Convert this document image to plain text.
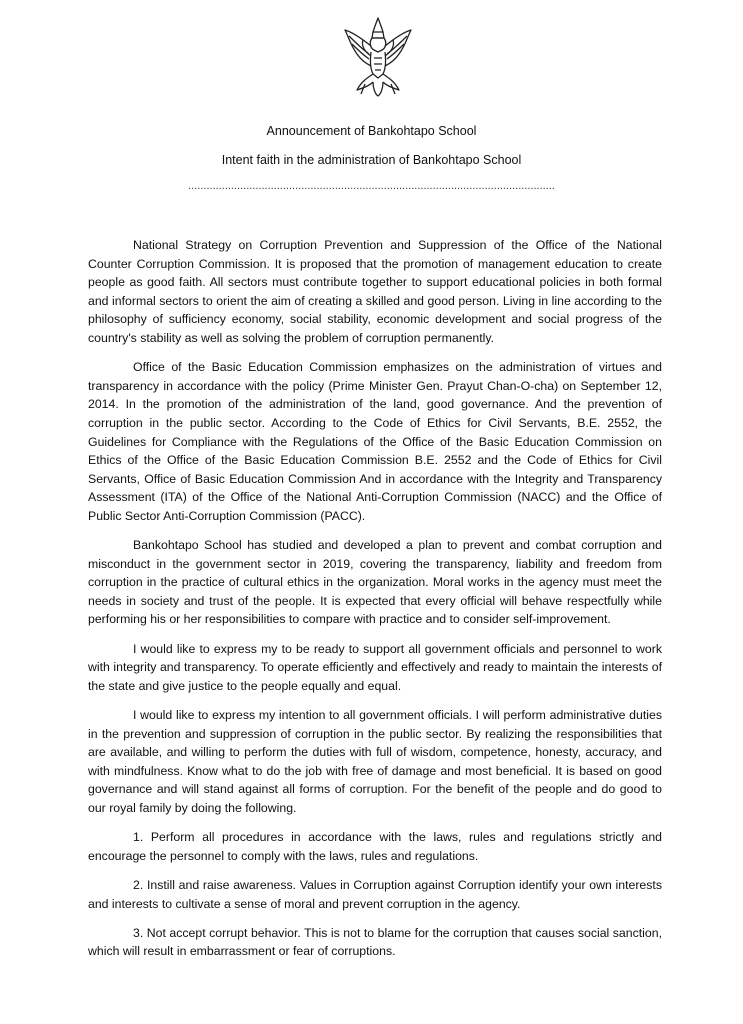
Announcement of Bankohtapo School
Intent faith in the administration of Bankohtapo School
........................................................................................................................

National Strategy on Corruption Prevention and Suppression of the Office of the National Counter Corruption Commission. It is proposed that the promotion of management education to create people as good faith. All sectors must contribute together to support educational policies in both formal and informal sectors to orient the aim of creating a skilled and good person. Living in line according to the philosophy of sufficiency economy, social stability, economic development and social progress of the country's stability as well as solving the problem of corruption permanently.

Office of the Basic Education Commission emphasizes on the administration of virtues and transparency in accordance with the policy (Prime Minister Gen. Prayut Chan-O-cha) on September 12, 2014. In the promotion of the administration of the land, good governance. And the prevention of corruption in the public sector. According to the Code of Ethics for Civil Servants, B.E. 2552, the Guidelines for Compliance with the Regulations of the Office of the Basic Education Commission on Ethics of the Office of the Basic Education Commission B.E. 2552 and the Code of Ethics for Civil Servants, Office of Basic Education Commission And in accordance with the Integrity and Transparency Assessment (ITA) of the Office of the National Anti-Corruption Commission (NACC) and the Office of Public Sector Anti-Corruption Commission (PACC).

Bankohtapo School has studied and developed a plan to prevent and combat corruption and misconduct in the government sector in 2019, covering the transparency, liability and freedom from corruption in the practice of cultural ethics in the organization. Moral works in the agency must meet the needs in society and trust of the people. It is expected that every official will behave respectfully while performing his or her responsibilities to compare with practice and to consider self-improvement.

I would like to express my to be ready to support all government officials and personnel to work with integrity and transparency. To operate efficiently and effectively and ready to maintain the interests of the state and give justice to the people equally and equal.

I would like to express my intention to all government officials. I will perform administrative duties in the prevention and suppression of corruption in the public sector. By realizing the responsibilities that are available, and willing to perform the duties with full of wisdom, competence, honesty, accuracy, and with mindfulness. Know what to do the job with free of damage and most beneficial. It is based on good governance and will stand against all forms of corruption. For the benefit of the people and do good to our royal family by doing the following.

1. Perform all procedures in accordance with the laws, rules and regulations strictly and encourage the personnel to comply with the laws, rules and regulations.

2. Instill and raise awareness. Values in Corruption against Corruption identify your own interests and interests to cultivate a sense of moral and prevent corruption in the agency.

3. Not accept corrupt behavior. This is not to blame for the corruption that causes social sanction, which will result in embarrassment or fear of corruptions.
